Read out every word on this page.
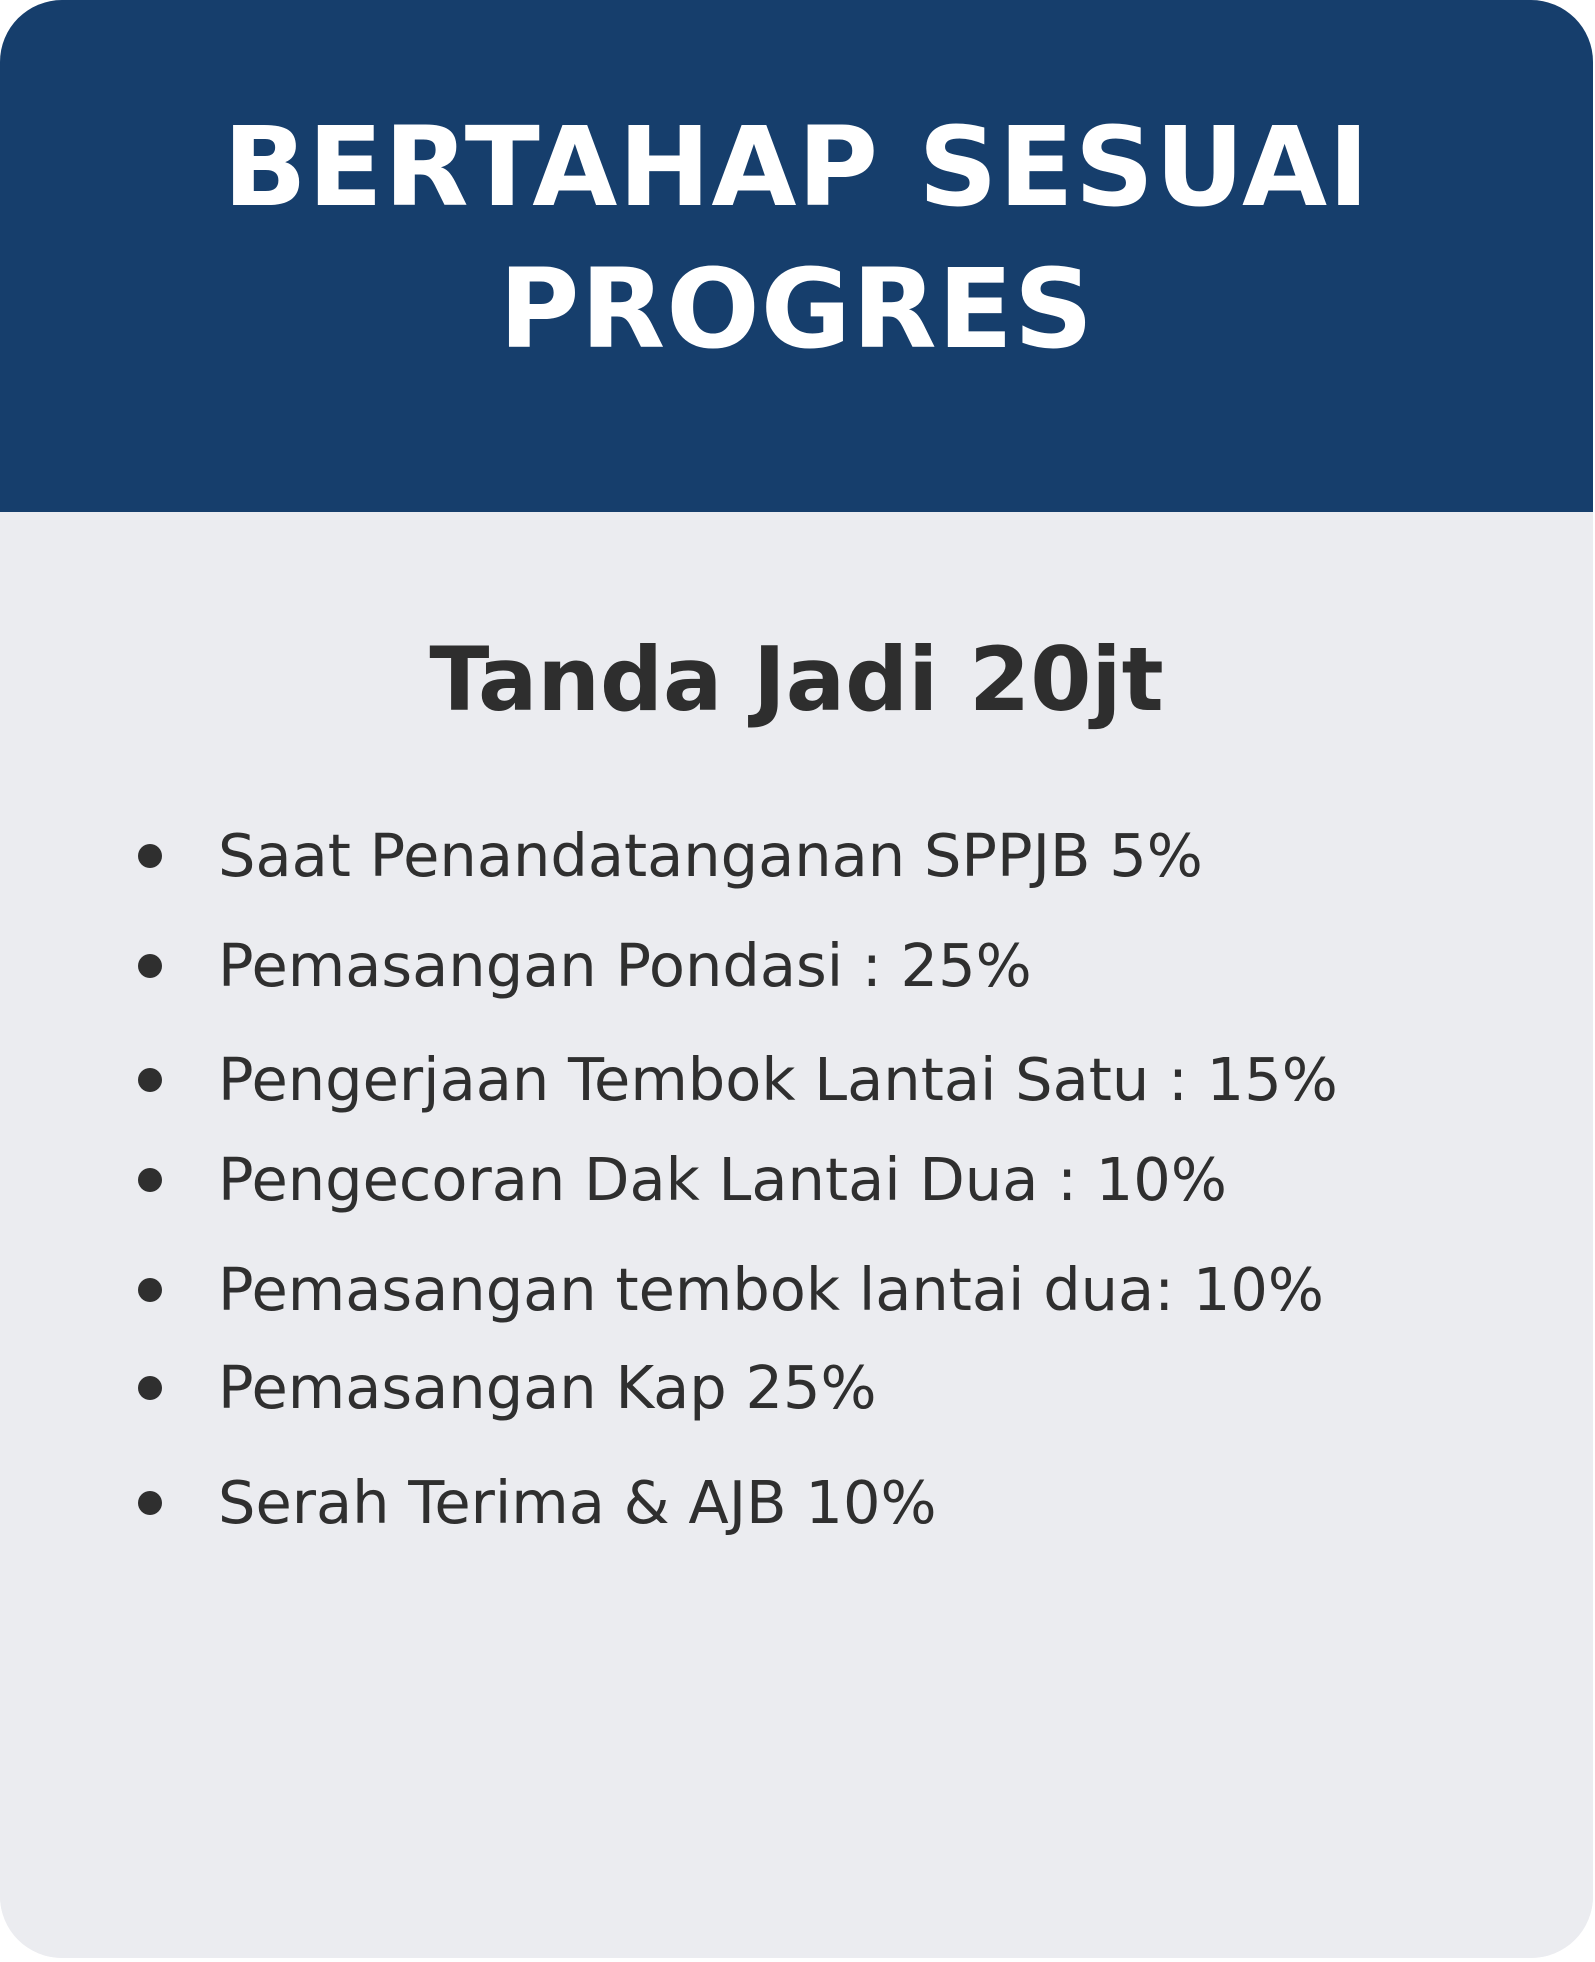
BERTAHAP SESUAI
PROGRES
Tanda Jadi 20jt
Saat Penandatanganan SPPJB 5%
Pemasangan Pondasi : 25%
Pengerjaan Tembok Lantai Satu : 15%
Pengecoran Dak Lantai Dua : 10%
Pemasangan tembok lantai dua: 10%
Pemasangan Kap 25%
Serah Terima & AJB 10%
